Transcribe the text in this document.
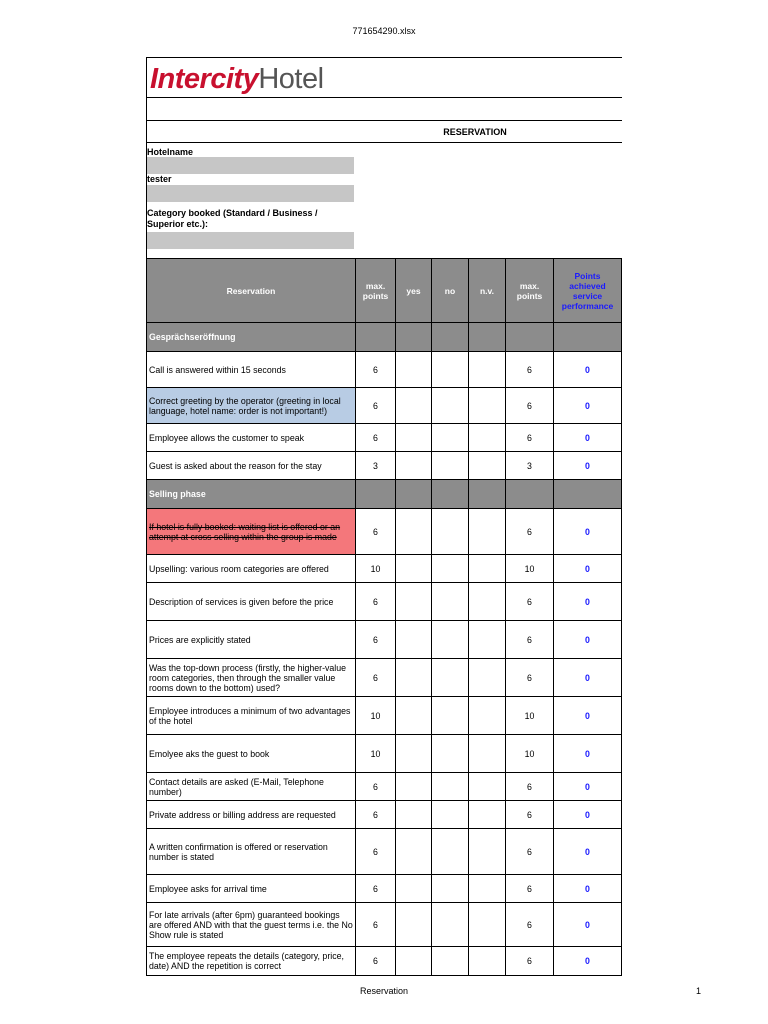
771654290.xlsx
IntercityHotel
RESERVATION
Hotelname
tester
Category booked (Standard / Business / Superior etc.):
Reservation	max. points	yes	no	n.v.	max. points	Points achieved service performance
Gesprächseröffnung						
Call is answered within 15 seconds	6				6	0
Correct greeting by the operator (greeting in local language, hotel name: order is not important!)	6				6	0
Employee allows the customer to speak	6				6	0
Guest is asked about the reason for the stay	3				3	0
Selling phase						
If hotel is fully booked: waiting list is offered or an attempt at cross selling within the group is made	6				6	0
Upselling: various room categories are offered	10				10	0
Description of services is given before the price	6				6	0
Prices are explicitly stated	6				6	0
Was the top-down process (firstly, the higher-value room categories, then through the smaller value rooms down to the bottom) used?	6				6	0
Employee introduces a minimum of two advantages of the hotel	10				10	0
Emolyee aks the guest to book	10				10	0
Contact details are asked (E-Mail, Telephone number)	6				6	0
Private address or billing address are requested	6				6	0
A written confirmation is offered or reservation number is stated	6				6	0
Employee asks for arrival time	6				6	0
For late arrivals (after 6pm) guaranteed bookings are offered AND with that the guest terms i.e. the No Show rule is stated	6				6	0
The employee repeats the details (category, price, date) AND the repetition is correct	6				6	0
Reservation	1
